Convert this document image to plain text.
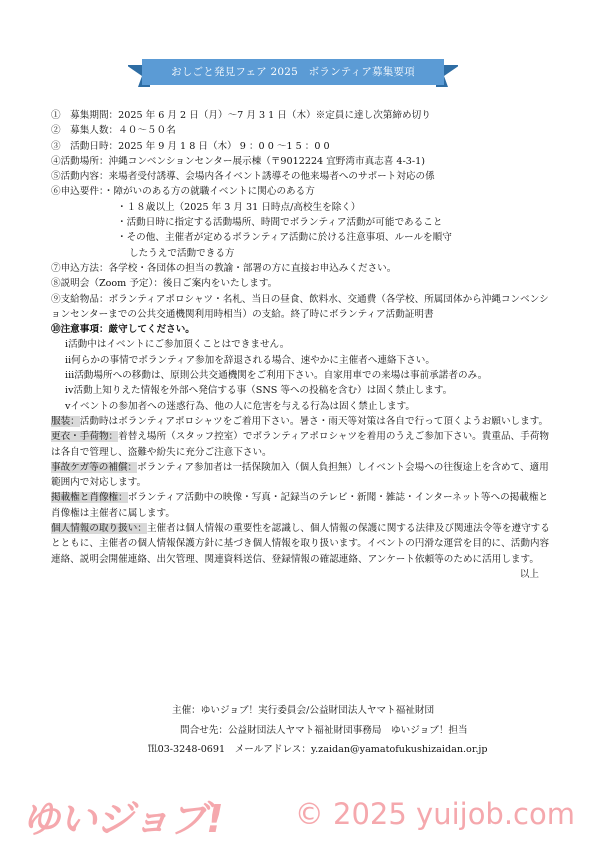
おしごと発見フェア 2025　ボランティア募集要項
①　募集期間：2025 年 6 月 2 日（月）～7 月 3 1 日（木）※定員に達し次第締め切り
②　募集人数：４０～５０名
③　活動日時：2025 年 9 月 1 8 日（木） 9 ：0 0 ～1 5 ：0 0
④活動場所：沖縄コンベンションセンター展示棟（〒9012224 宜野湾市真志喜 4-3-1)
⑤活動内容：来場者受付誘導、会場内各イベント誘導その他来場者へのサポート対応の係
⑥申込要件：・障がいのある方の就職イベントに関心のある方
・１８歳以上（2025 年 3 月 31 日時点/高校生を除く）
・活動日時に指定する活動場所、時間でボランティア活動が可能であること
・その他、主催者が定めるボランティア活動に於ける注意事項、ルールを順守
したうえで活動できる方
⑦申込方法：各学校・各団体の担当の教諭・部署の方に直接お申込みください。
⑧説明会（Zoom 予定）：後日ご案内をいたします。
⑨支給物品：ボランティアポロシャツ・名札、当日の昼食、飲料水、交通費（各学校、所属団体から沖縄コンベンションセンターまでの公共交通機関利用時相当）の支給。終了時にボランティア活動証明書
⑩注意事項：厳守してください。
ⅰ活動中はイベントにご参加頂くことはできません。
ⅱ何らかの事情でボランティア参加を辞退される場合、速やかに主催者へ連絡下さい。
ⅲ活動場所への移動は、原則公共交通機関をご利用下さい。自家用車での来場は事前承諾者のみ。
ⅳ活動上知りえた情報を外部へ発信する事（SNS 等への投稿を含む）は固く禁止します。
ⅴイベントの参加者への迷惑行為、他の人に危害を与える行為は固く禁止します。
服装：活動時はボランティアポロシャツをご着用下さい。暑さ・雨天等対策は各自で行って頂くようお願いします。
更衣・手荷物：着替え場所（スタッフ控室）でボランティアポロシャツを着用のうえご参加下さい。貴重品、手荷物は各自で管理し、盗難や紛失に充分ご注意下さい。
事故ケガ等の補償：ボランティア参加者は一括保険加入（個人負担無）しイベント会場への往復途上を含めて、適用範囲内で対応します。
掲載権と肖像権：ボランティア活動中の映像・写真・記録当のテレビ・新聞・雑誌・インターネット等への掲載権と肖像権は主催者に属します。
個人情報の取り扱い：主催者は個人情報の重要性を認識し、個人情報の保護に関する法律及び関連法令等を遵守するとともに、主催者の個人情報保護方針に基づき個人情報を取り扱います。イベントの円滑な運営を目的に、活動内容連絡、説明会開催連絡、出欠管理、関連資料送信、登録情報の確認連絡、アンケート依頼等のために活用します。
以上
主催：ゆいジョブ！実行委員会/公益財団法人ヤマト福祉財団
問合せ先：公益財団法人ヤマト福祉財団事務局　ゆいジョブ！担当
℡03-3248-0691　メールアドレス：y.zaidan@yamatofukushizaidan.or.jp
ゆいジョブ! © 2025 yuijob.com
